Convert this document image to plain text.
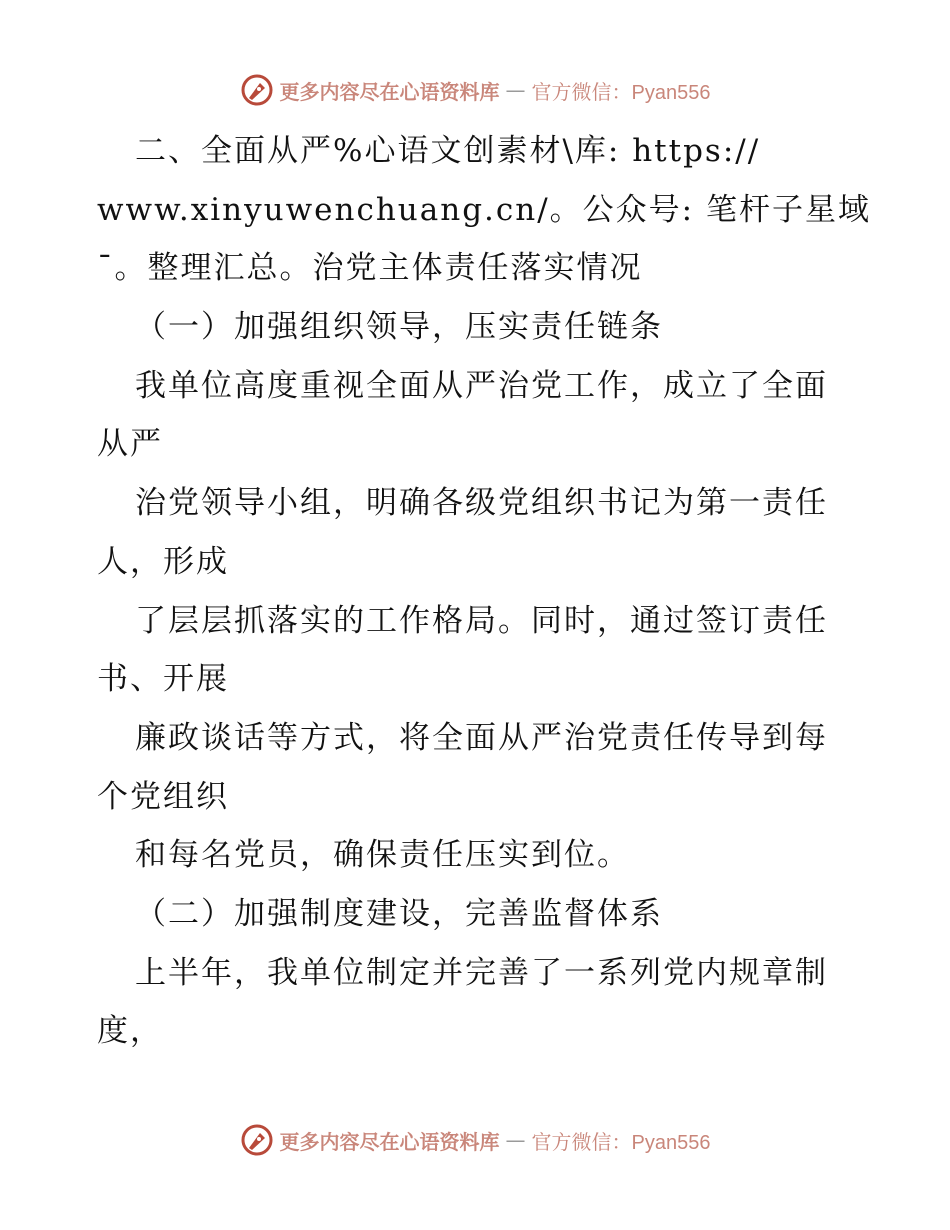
更多内容尽在心语资料库 — 官方微信：Pyan556
二、全面从严%心语文创素材\库: https://
www.xinyuwenchuang.cn/。公众号: 笔杆子星域
¯。整理汇总。治党主体责任落实情况
（一）加强组织领导，压实责任链条
我单位高度重视全面从严治党工作，成立了全面
从严
治党领导小组，明确各级党组织书记为第一责任
人，形成
了层层抓落实的工作格局。同时，通过签订责任
书、开展
廉政谈话等方式，将全面从严治党责任传导到每
个党组织
和每名党员，确保责任压实到位。
（二）加强制度建设，完善监督体系
上半年，我单位制定并完善了一系列党内规章制
度，
更多内容尽在心语资料库 — 官方微信：Pyan556
